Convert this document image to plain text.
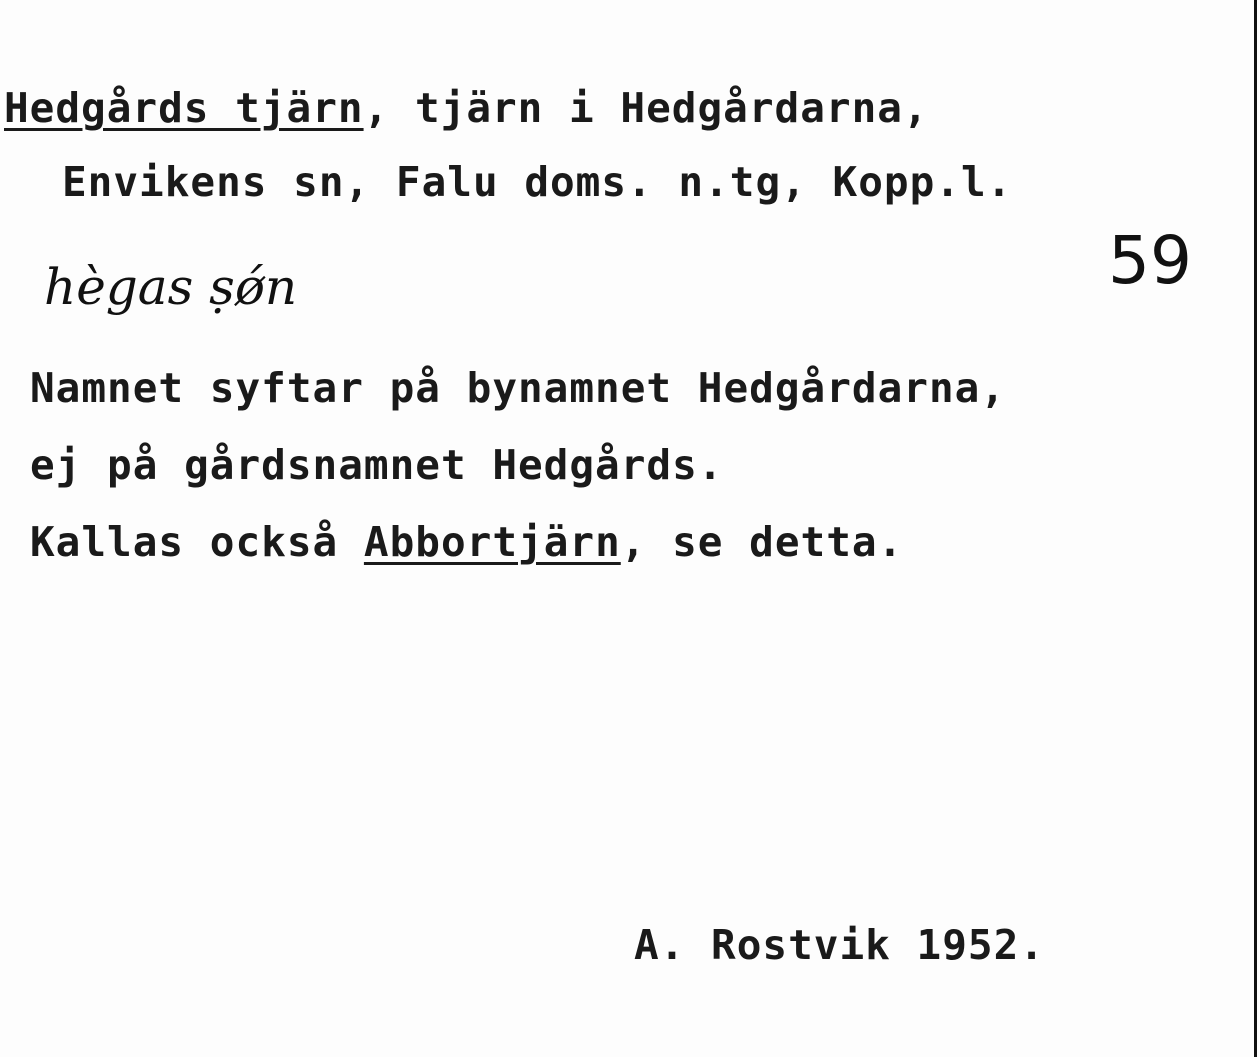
Hedgårds tjärn, tjärn i Hedgårdarna,
Envikens sn, Falu doms. n.tg, Kopp.l.
hègas ṣǿn	59
Namnet syftar på bynamnet Hedgårdarna,
ej på gårdsnamnet Hedgårds.
Kallas också Abbortjärn, se detta.
A. Rostvik 1952.
